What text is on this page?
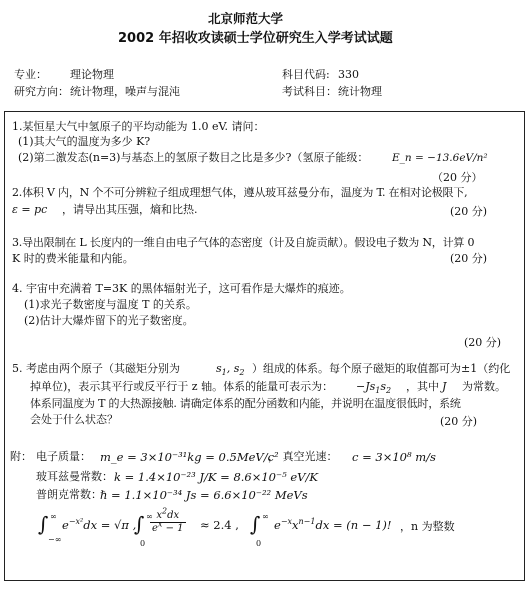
北京师范大学
2002 年招收攻读硕士学位研究生入学考试试题
专业： 理论物理	科目代码: 330
研究方向： 统计物理，噪声与混沌	考试科目： 统计物理
1.某恒星大气中氢原子的平均动能为 1.0 eV. 请问：
(1)其大气的温度为多少 K?
(2)第二激发态(n=3)与基态上的氢原子数目之比是多少?（氢原子能级： E_n = −13.6eV/n²
（20 分）
2.体积 V 内，N 个不可分辨粒子组成理想气体，遵从玻耳兹曼分布，温度为 T. 在相对论极限下,
ε = pc ，请导出其压强，熵和比热.	(20 分)
3.导出限制在 L 长度内的一维自由电子气体的态密度（计及自旋贡献）。假设电子数为 N，计算 0
K 时的费米能量和内能。	(20 分)
4. 宇宙中充满着 T=3K 的黑体辐射光子，这可看作是大爆炸的痕迹。
(1)求光子数密度与温度 T 的关系。
(2)估计大爆炸留下的光子数密度。
(20 分)
5. 考虑由两个原子（其磁矩分别为	$s_1$, $s_2$ ）组成的体系。每个原子磁矩的取值都可为±1（约化
掉单位)，表示其平行或反平行于 z 轴。体系的能量可表示为： $-Js_1s_2$ ，其中 J 为常数。
体系同温度为 T 的大热源接触. 请确定体系的配分函数和内能，并说明在温度很低时，系统
会处于什么状态？	(20 分)
附： 电子质量： m_e = 3×10⁻³¹kg = 0.5MeV/c²
， 真空光速： c = 3×10⁸ m/s
玻耳兹曼常数： k = 1.4×10⁻²³ J/K = 8.6×10⁻⁵ eV/K
普朗克常数：
ℏ = 1.1×10⁻³⁴ Js = 6.6×10⁻²² MeVs
∫ ∞
−∞
$e^{-x^2}dx = √\pi$ ,
∫ ∞
0
$\frac{x^2dx}{e^x - 1} \approx 2.4$ , ∫ ∞
0
$e^{-x}x^{n-1}dx = (n - 1)$! ，n 为整数
